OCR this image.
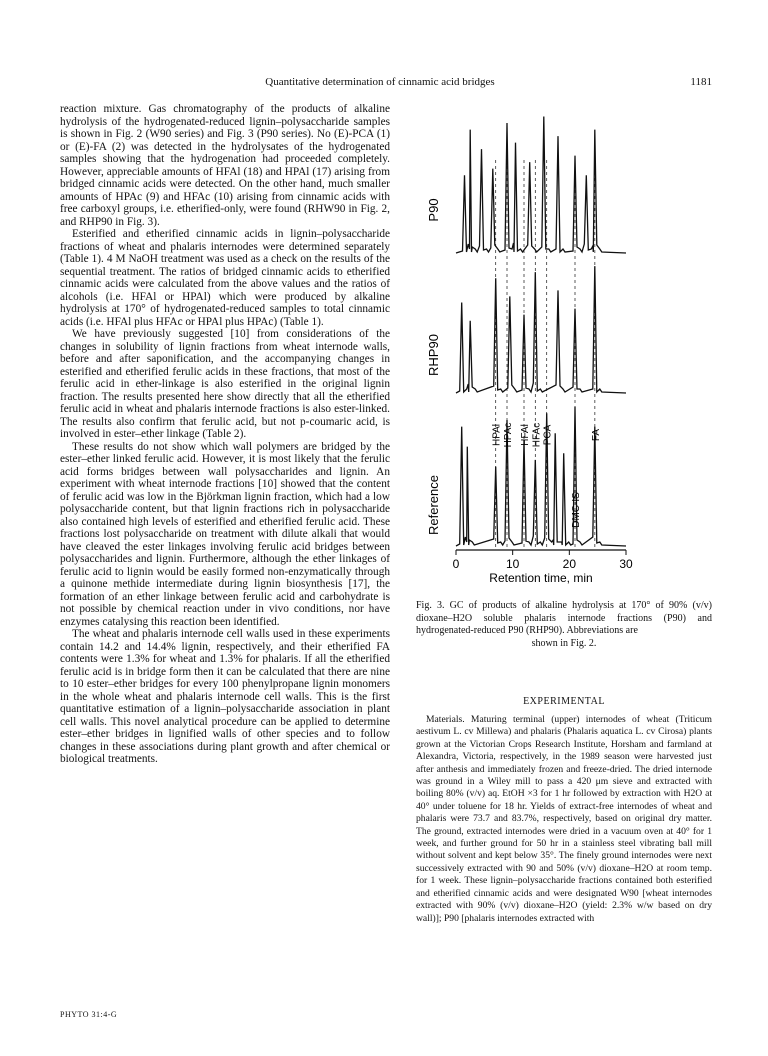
Quantitative determination of cinnamic acid bridges	1181

reaction mixture. Gas chromatography of the products of alkaline hydrolysis of the hydrogenated-reduced lignin–polysaccharide samples is shown in Fig. 2 (W90 series) and Fig. 3 (P90 series). No (E)-PCA (1) or (E)-FA (2) was detected in the hydrolysates of the hydrogenated samples showing that the hydrogenation had proceeded completely. However, appreciable amounts of HFAl (18) and HPAl (17) arising from bridged cinnamic acids were detected. On the other hand, much smaller amounts of HPAc (9) and HFAc (10) arising from cinnamic acids with free carboxyl groups, i.e. etherified-only, were found (RHW90 in Fig. 2, and RHP90 in Fig. 3).

Esterified and etherified cinnamic acids in lignin–polysaccharide fractions of wheat and phalaris internodes were determined separately (Table 1). 4 M NaOH treatment was used as a check on the results of the sequential treatment. The ratios of bridged cinnamic acids to etherified cinnamic acids were calculated from the above values and the ratios of alcohols (i.e. HFAl or HPAl) which were produced by alkaline hydrolysis at 170° of hydrogenated-reduced samples to total cinnamic acids (i.e. HFAl plus HFAc or HPAl plus HPAc) (Table 1).

We have previously suggested [10] from considerations of the changes in solubility of lignin fractions from wheat internode walls, before and after saponification, and the accompanying changes in esterified and etherified ferulic acids in these fractions, that most of the ferulic acid in ether-linkage is also esterified in the original lignin fraction. The results presented here show directly that all the etherified ferulic acid in wheat and phalaris internode fractions is also ester-linked. The results also confirm that ferulic acid, but not p-coumaric acid, is involved in ester–ether linkage (Table 2).

These results do not show which wall polymers are bridged by the ester–ether linked ferulic acid. However, it is most likely that the ferulic acid forms bridges between wall polysaccharides and lignin. An experiment with wheat internode fractions [10] showed that the content of ferulic acid was low in the Björkman lignin fraction, which had a low polysaccharide content, but that lignin fractions rich in polysaccharide also contained high levels of esterified and etherified ferulic acid. These fractions lost polysaccharide on treatment with dilute alkali that would have cleaved the ester linkages involving ferulic acid bridges between polysaccharides and lignin. Furthermore, although the ether linkages of ferulic acid to lignin would be easily formed non-enzymatically through a quinone methide intermediate during lignin biosynthesis [17], the formation of an ether linkage between ferulic acid and carbohydrate is not possible by chemical reaction under in vivo conditions, nor have enzymes catalysing this reaction been identified.

The wheat and phalaris internode cell walls used in these experiments contain 14.2 and 14.4% lignin, respectively, and their etherified FA contents were 1.3% for wheat and 1.3% for phalaris. If all the etherified ferulic acid is in bridge form then it can be calculated that there are nine to 10 ester–ether bridges for every 100 phenylpropane lignin monomers in the whole wheat and phalaris internode cell walls. This is the first quantitative estimation of a lignin–polysaccharide association in plant cell walls. This novel analytical procedure can be applied to determine ester–ether bridges in lignified walls of other species and to follow changes in these associations during plant growth and after chemical or biological treatments.

P90
RHP90
Reference
HPAl HPAc HFAl HFAc PCA
DMC-IS
FA
0	10	20	30
Retention time, min
Fig. 3. GC of products of alkaline hydrolysis at 170° of 90% (v/v) dioxane–H2O soluble phalaris internode fractions (P90) and hydrogenated-reduced P90 (RHP90). Abbreviations are
shown in Fig. 2.
EXPERIMENTAL

Materials. Maturing terminal (upper) internodes of wheat (Triticum aestivum L. cv Millewa) and phalaris (Phalaris aquatica L. cv Cirosa) plants grown at the Victorian Crops Research Institute, Horsham and farmland at Alexandra, Victoria, respectively, in the 1989 season were harvested just after anthesis and immediately frozen and freeze-dried. The dried internode was ground in a Wiley mill to pass a 420 μm sieve and extracted with boiling 80% (v/v) aq. EtOH ×3 for 1 hr followed by extraction with H2O at 40° under toluene for 18 hr. Yields of extract-free internodes of wheat and phalaris were 73.7 and 83.7%, respectively, based on original dry matter. The ground, extracted internodes were dried in a vacuum oven at 40° for 1 week, and further ground for 50 hr in a stainless steel vibrating ball mill without solvent and kept below 35°. The finely ground internodes were next successively extracted with 90 and 50% (v/v) dioxane–H2O at room temp. for 1 week. These lignin–polysaccharide fractions contained both esterified and etherified cinnamic acids and were designated W90 [wheat internodes extracted with 90% (v/v) dioxane–H2O (yield: 2.3% w/w based on dry wall)]; P90 [phalaris internodes extracted with

PHYTO 31:4-G
